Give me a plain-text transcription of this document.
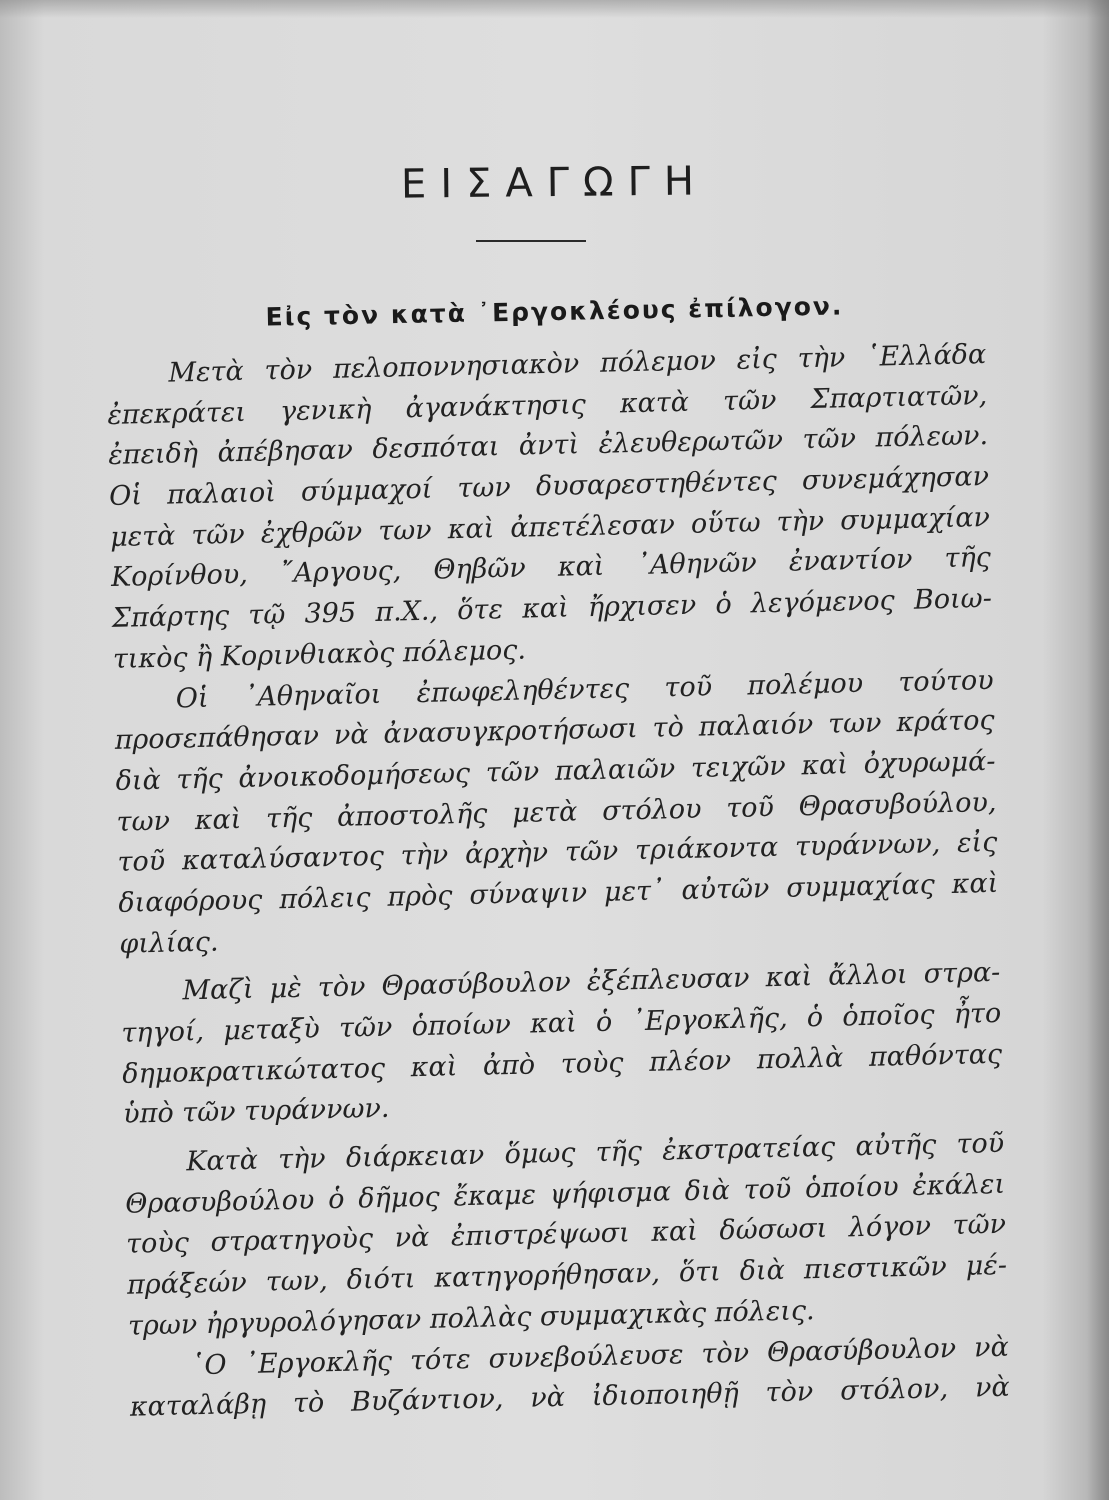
ΕΙΣΑΓΩΓΗ
Εἰς τὸν κατὰ ᾿Εργοκλέους ἐπίλογον.
Μετὰ τὸν πελοποννησιακὸν πόλεμον εἰς τὴν ῾Ελλάδα
ἐπεκράτει γενικὴ ἀγανάκτησις κατὰ τῶν Σπαρτιατῶν,
ἐπειδὴ ἀπέβησαν δεσπόται ἀντὶ ἐλευθερωτῶν τῶν πόλεων.
Οἱ παλαιοὶ σύμμαχοί των δυσαρεστηθέντες συνεμάχησαν
μετὰ τῶν ἐχθρῶν των καὶ ἀπετέλεσαν οὕτω τὴν συμμαχίαν
Κορίνθου, ῎Αργους, Θηβῶν καὶ ᾿Αθηνῶν ἐναντίον τῆς
Σπάρτης τῷ 395 π.Χ., ὅτε καὶ ἤρχισεν ὁ λεγόμενος Βοιω-
τικὸς ἢ Κορινθιακὸς πόλεμος.
Οἱ ᾿Αθηναῖοι ἐπωφεληθέντες τοῦ πολέμου τούτου
προσεπάθησαν νὰ ἀνασυγκροτήσωσι τὸ παλαιόν των κράτος
διὰ τῆς ἀνοικοδομήσεως τῶν παλαιῶν τειχῶν καὶ ὀχυρωμά-
των καὶ τῆς ἀποστολῆς μετὰ στόλου τοῦ Θρασυβούλου,
τοῦ καταλύσαντος τὴν ἀρχὴν τῶν τριάκοντα τυράννων, εἰς
διαφόρους πόλεις πρὸς σύναψιν μετ᾽ αὐτῶν συμμαχίας καὶ
φιλίας.
Μαζὶ μὲ τὸν Θρασύβουλον ἐξέπλευσαν καὶ ἄλλοι στρα-
τηγοί, μεταξὺ τῶν ὁποίων καὶ ὁ ᾿Εργοκλῆς, ὁ ὁποῖος ἦτο
δημοκρατικώτατος καὶ ἀπὸ τοὺς πλέον πολλὰ παθόντας
ὑπὸ τῶν τυράννων.
Κατὰ τὴν διάρκειαν ὅμως τῆς ἐκστρατείας αὐτῆς τοῦ
Θρασυβούλου ὁ δῆμος ἔκαμε ψήφισμα διὰ τοῦ ὁποίου ἐκάλει
τοὺς στρατηγοὺς νὰ ἐπιστρέψωσι καὶ δώσωσι λόγον τῶν
πράξεών των, διότι κατηγορήθησαν, ὅτι διὰ πιεστικῶν μέ-
τρων ἠργυρολόγησαν πολλὰς συμμαχικὰς πόλεις.
῾Ο ᾿Εργοκλῆς τότε συνεβούλευσε τὸν Θρασύβουλον νὰ
καταλάβῃ τὸ Βυζάντιον, νὰ ἰδιοποιηθῇ τὸν στόλον, νὰ
